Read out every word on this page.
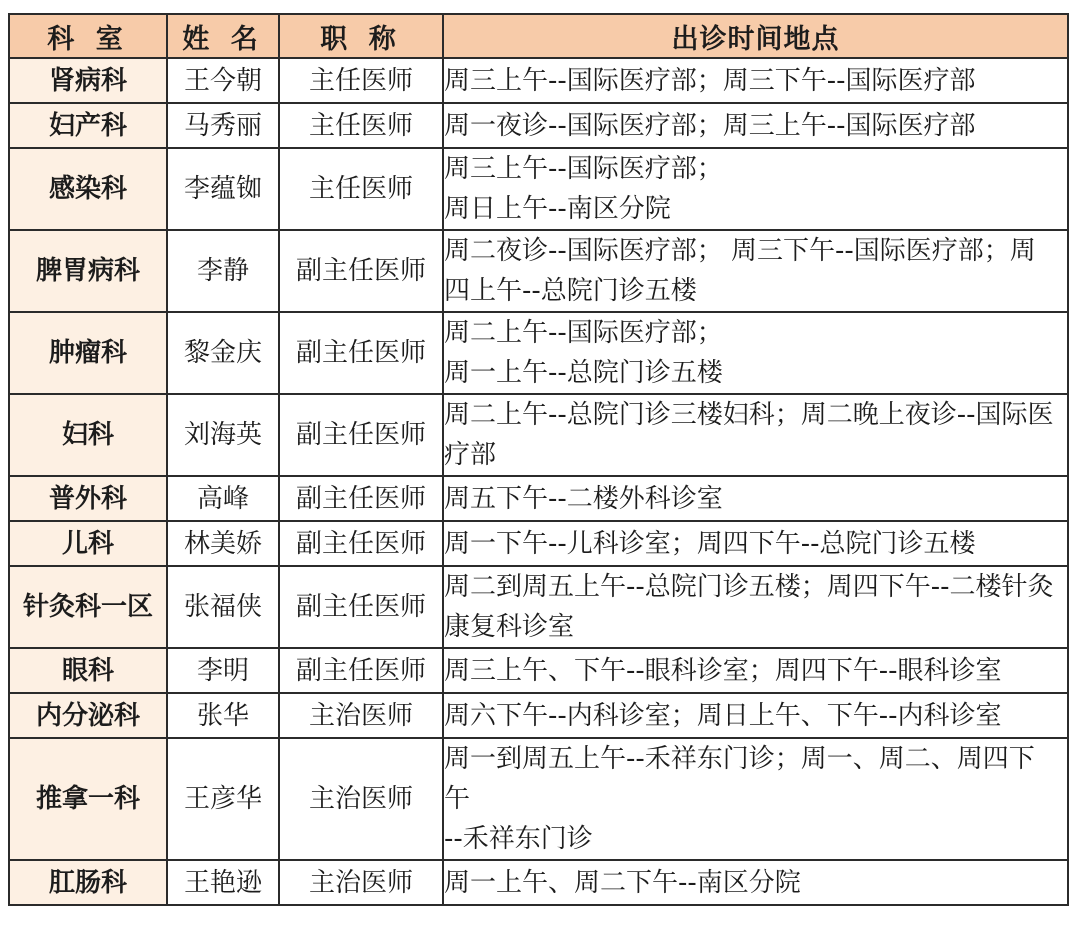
科 室	姓 名	职 称	出诊时间地点
肾病科	王今朝	主任医师	周三上午--国际医疗部；周三下午--国际医疗部

妇产科	马秀丽	主任医师	周一夜诊--国际医疗部；周三上午--国际医疗部

感染科	李蕴铷	主任医师	周三上午--国际医疗部；
周日上午--南区分院

脾胃病科	李静	副主任医师	周二夜诊--国际医疗部； 周三下午--国际医疗部；周
四上午--总院门诊五楼

肿瘤科	黎金庆	副主任医师	周二上午--国际医疗部；
周一上午--总院门诊五楼

妇科	刘海英	副主任医师	周二上午--总院门诊三楼妇科；周二晚上夜诊--国际医
疗部

普外科	高峰	副主任医师	周五下午--二楼外科诊室

儿科	林美娇	副主任医师	周一下午--儿科诊室；周四下午--总院门诊五楼

针灸科一区	张福侠	副主任医师	周二到周五上午--总院门诊五楼；周四下午--二楼针灸
康复科诊室

眼科	李明	副主任医师	周三上午、下午--眼科诊室；周四下午--眼科诊室

内分泌科	张华	主治医师	周六下午--内科诊室；周日上午、下午--内科诊室

推拿一科	王彦华	主治医师	周一到周五上午--禾祥东门诊；周一、周二、周四下
午
--禾祥东门诊

肛肠科	王艳逊	主治医师	周一上午、周二下午--南区分院
